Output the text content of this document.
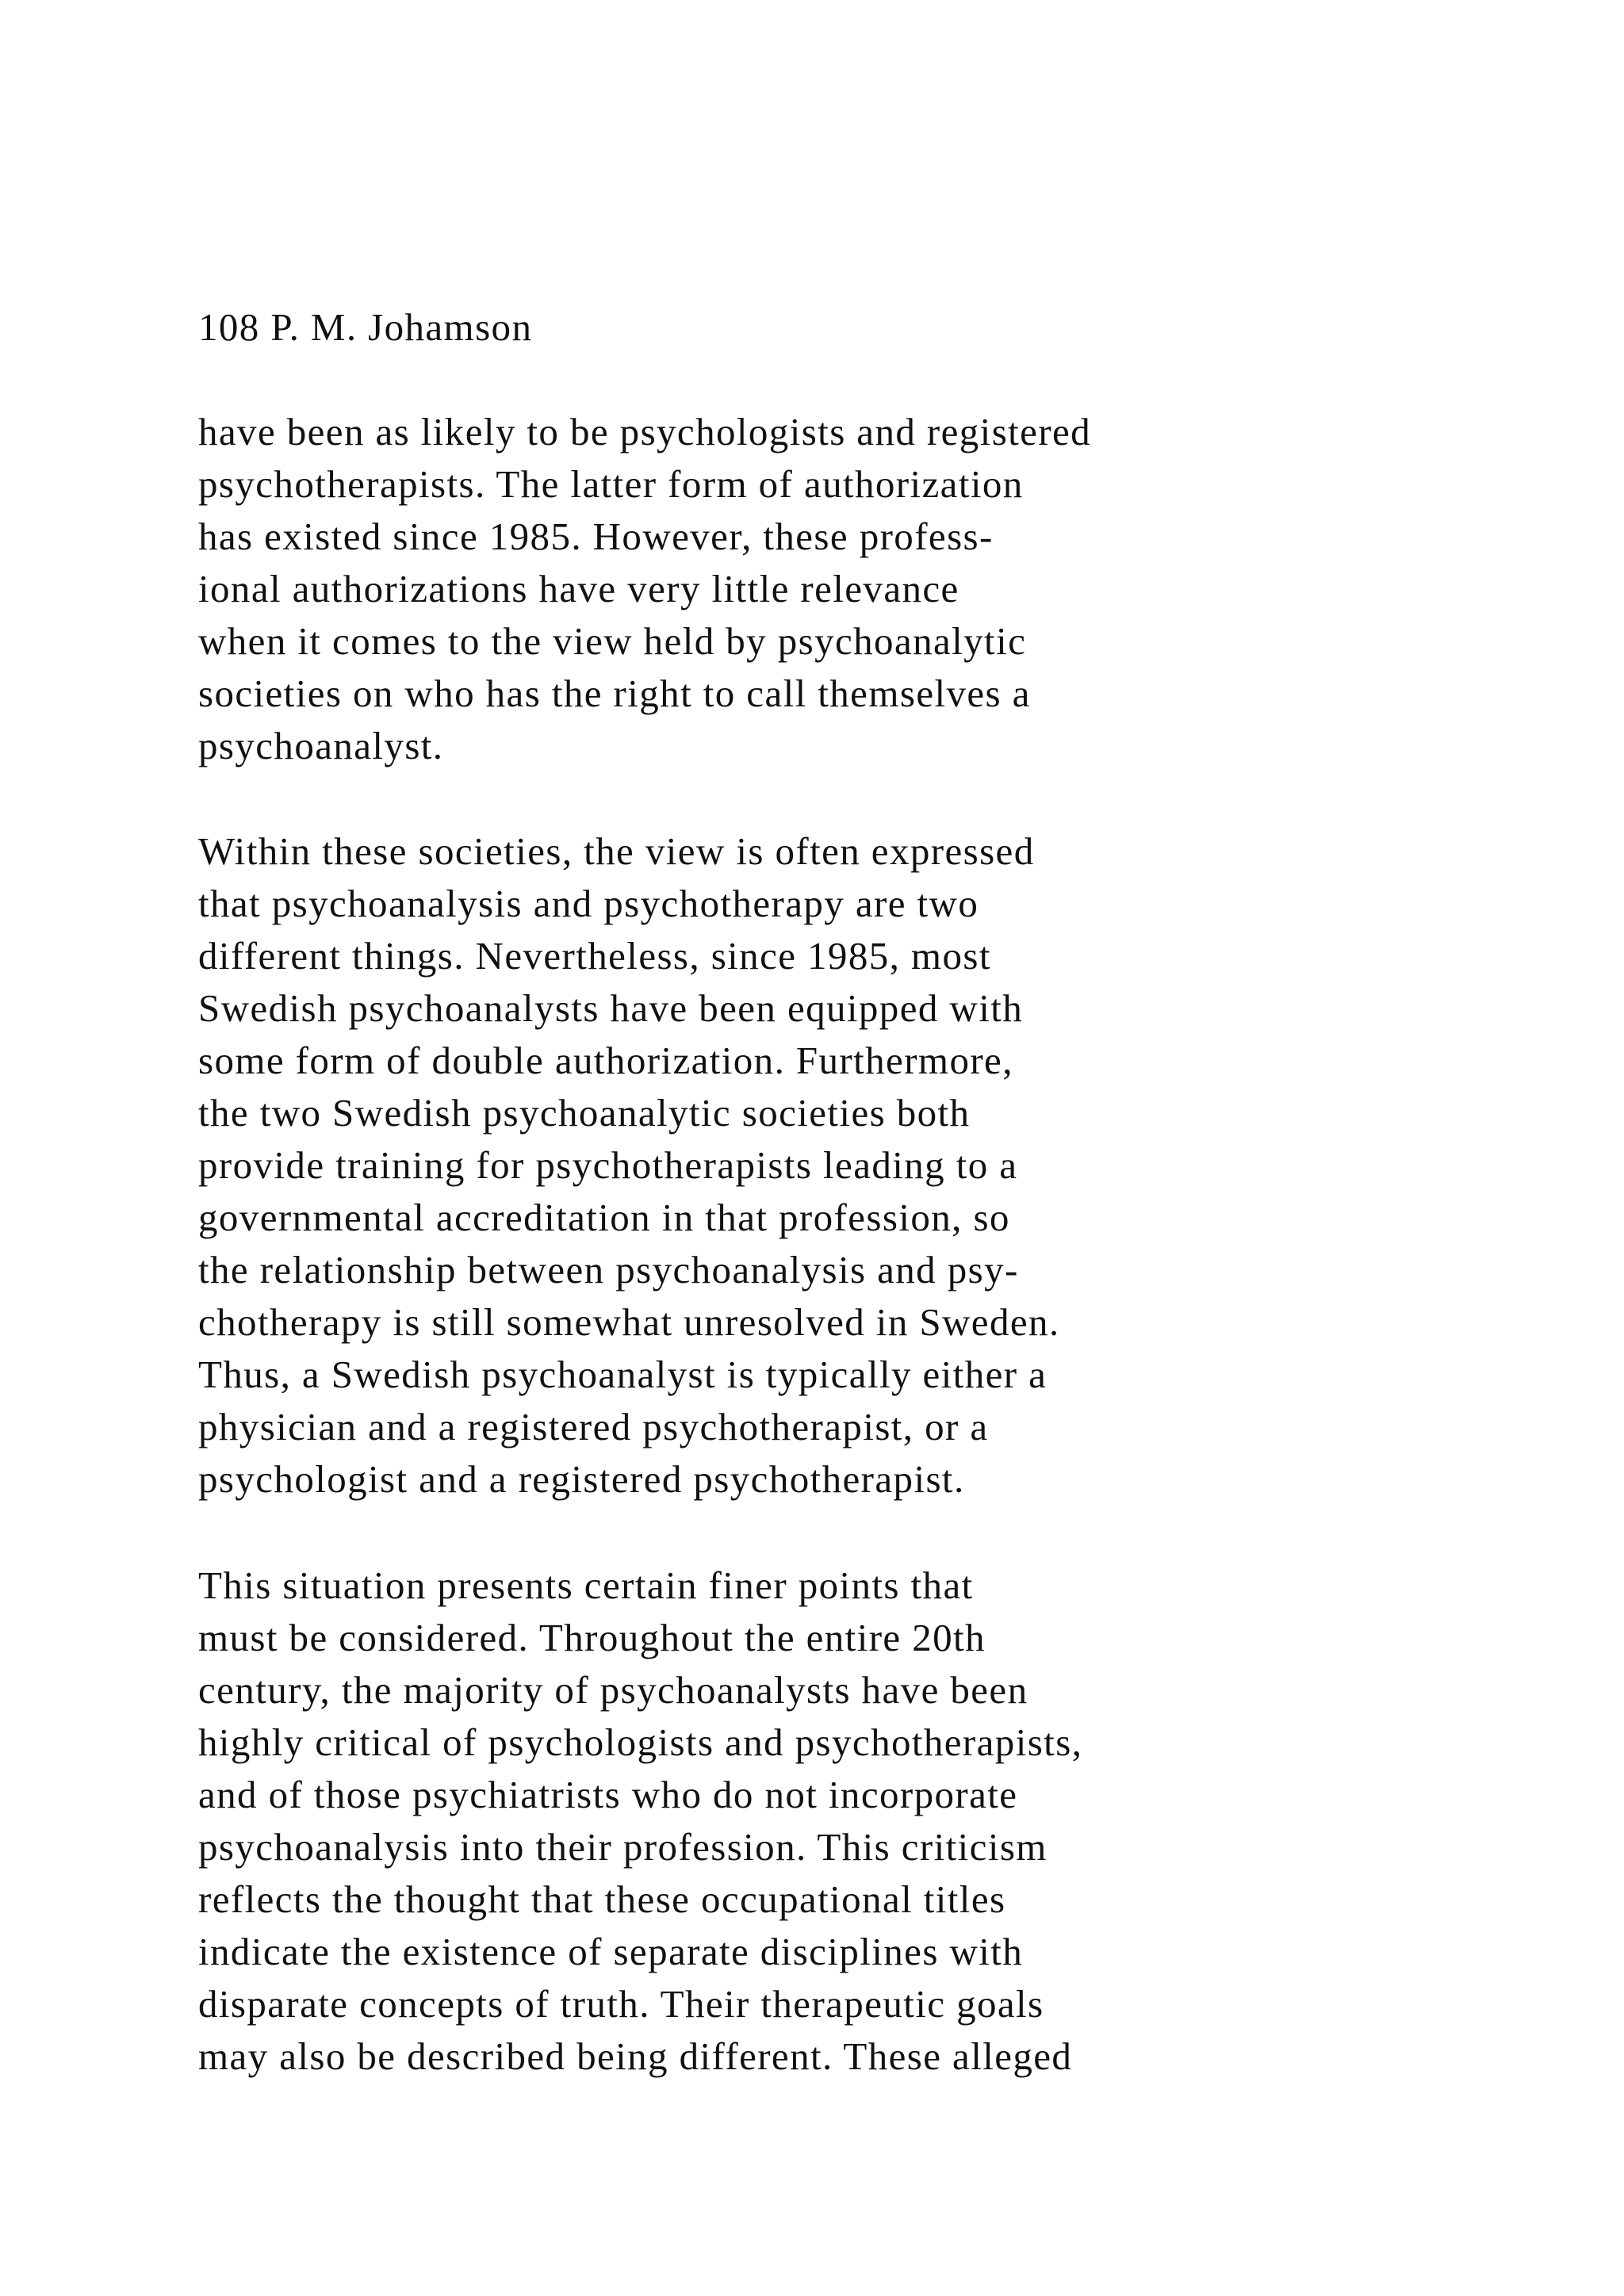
108 P. M. Johamson

have been as likely to be psychologists and registered
psychotherapists. The latter form of authorization
has existed since 1985. However, these profess-
ional authorizations have very little relevance
when it comes to the view held by psychoanalytic
societies on who has the right to call themselves a
psychoanalyst.
Within these societies, the view is often expressed
that psychoanalysis and psychotherapy are two
different things. Nevertheless, since 1985, most
Swedish psychoanalysts have been equipped with
some form of double authorization. Furthermore,
the two Swedish psychoanalytic societies both
provide training for psychotherapists leading to a
governmental accreditation in that profession, so
the relationship between psychoanalysis and psy-
chotherapy is still somewhat unresolved in Sweden.
Thus, a Swedish psychoanalyst is typically either a
physician and a registered psychotherapist, or a
psychologist and a registered psychotherapist.
This situation presents certain finer points that
must be considered. Throughout the entire 20th
century, the majority of psychoanalysts have been
highly critical of psychologists and psychotherapists,
and of those psychiatrists who do not incorporate
psychoanalysis into their profession. This criticism
reflects the thought that these occupational titles
indicate the existence of separate disciplines with
disparate concepts of truth. Their therapeutic goals
may also be described being different. These alleged
